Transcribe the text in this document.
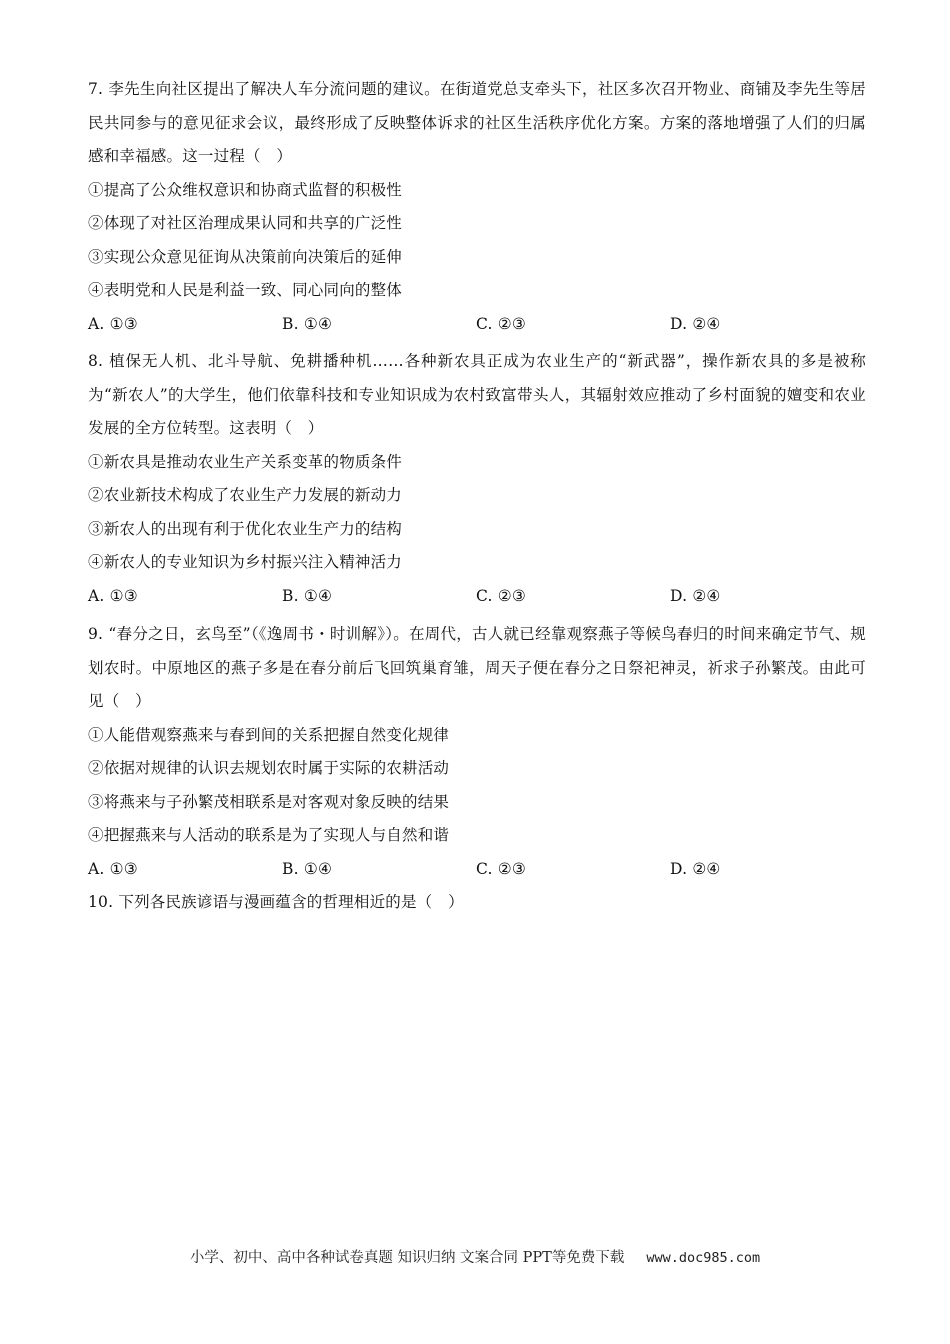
7. 李先生向社区提出了解决人车分流问题的建议。在街道党总支牵头下，社区多次召开物业、商铺及李先生等居民共同参与的意见征求会议，最终形成了反映整体诉求的社区生活秩序优化方案。方案的落地增强了人们的归属感和幸福感。这一过程（　）
①提高了公众维权意识和协商式监督的积极性
②体现了对社区治理成果认同和共享的广泛性
③实现公众意见征询从决策前向决策后的延伸
④表明党和人民是利益一致、同心同向的整体
A. ①③	B. ①④	C. ②③	D. ②④
8. 植保无人机、北斗导航、免耕播种机……各种新农具正成为农业生产的“新武器”，操作新农具的多是被称为“新农人”的大学生，他们依靠科技和专业知识成为农村致富带头人，其辐射效应推动了乡村面貌的嬗变和农业发展的全方位转型。这表明（　）
①新农具是推动农业生产关系变革的物质条件
②农业新技术构成了农业生产力发展的新动力
③新农人的出现有利于优化农业生产力的结构
④新农人的专业知识为乡村振兴注入精神活力
A. ①③	B. ①④	C. ②③	D. ②④
9. “春分之日，玄鸟至”（《逸周书・时训解》）。在周代，古人就已经靠观察燕子等候鸟春归的时间来确定节气、规划农时。中原地区的燕子多是在春分前后飞回筑巢育雏，周天子便在春分之日祭祀神灵，祈求子孙繁茂。由此可见（　）
①人能借观察燕来与春到间的关系把握自然变化规律
②依据对规律的认识去规划农时属于实际的农耕活动
③将燕来与子孙繁茂相联系是对客观对象反映的结果
④把握燕来与人活动的联系是为了实现人与自然和谐
A. ①③	B. ①④	C. ②③	D. ②④
10. 下列各民族谚语与漫画蕴含的哲理相近的是（　）
小学、初中、高中各种试卷真题 知识归纳 文案合同 PPT等免费下载 www.doc985.com
